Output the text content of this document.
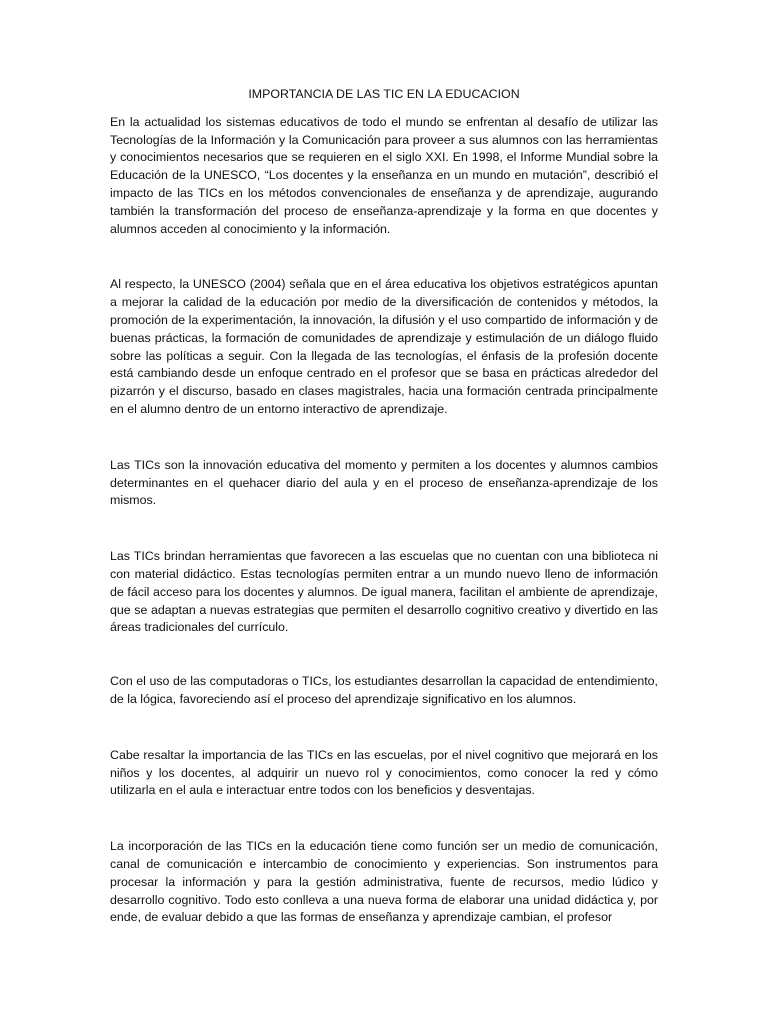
IMPORTANCIA DE LAS TIC EN LA EDUCACION

En la actualidad los sistemas educativos de todo el mundo se enfrentan al desafío de utilizar las Tecnologías de la Información y la Comunicación para proveer a sus alumnos con las herramientas y conocimientos necesarios que se requieren en el siglo XXI. En 1998, el Informe Mundial sobre la Educación de la UNESCO, “Los docentes y la enseñanza en un mundo en mutación”, describió el impacto de las TICs en los métodos convencionales de enseñanza y de aprendizaje, augurando también la transformación del proceso de enseñanza-aprendizaje y la forma en que docentes y alumnos acceden al conocimiento y la información.

Al respecto, la UNESCO (2004) señala que en el área educativa los objetivos estratégicos apuntan a mejorar la calidad de la educación por medio de la diversificación de contenidos y métodos, la promoción de la experimentación, la innovación, la difusión y el uso compartido de información y de buenas prácticas, la formación de comunidades de aprendizaje y estimulación de un diálogo fluido sobre las políticas a seguir. Con la llegada de las tecnologías, el énfasis de la profesión docente está cambiando desde un enfoque centrado en el profesor que se basa en prácticas alrededor del pizarrón y el discurso, basado en clases magistrales, hacia una formación centrada principalmente en el alumno dentro de un entorno interactivo de aprendizaje.

Las TICs son la innovación educativa del momento y permiten a los docentes y alumnos cambios determinantes en el quehacer diario del aula y en el proceso de enseñanza-aprendizaje de los mismos.

Las TICs brindan herramientas que favorecen a las escuelas que no cuentan con una biblioteca ni con material didáctico. Estas tecnologías permiten entrar a un mundo nuevo lleno de información de fácil acceso para los docentes y alumnos. De igual manera, facilitan el ambiente de aprendizaje, que se adaptan a nuevas estrategias que permiten el desarrollo cognitivo creativo y divertido en las áreas tradicionales del currículo.

Con el uso de las computadoras o TICs, los estudiantes desarrollan la capacidad de entendimiento, de la lógica, favoreciendo así el proceso del aprendizaje significativo en los alumnos.

Cabe resaltar la importancia de las TICs en las escuelas, por el nivel cognitivo que mejorará en los niños y los docentes, al adquirir un nuevo rol y conocimientos, como conocer la red y cómo utilizarla en el aula e interactuar entre todos con los beneficios y desventajas.

La incorporación de las TICs en la educación tiene como función ser un medio de comunicación, canal de comunicación e intercambio de conocimiento y experiencias. Son instrumentos para procesar la información y para la gestión administrativa, fuente de recursos, medio lúdico y desarrollo cognitivo. Todo esto conlleva a una nueva forma de elaborar una unidad didáctica y, por ende, de evaluar debido a que las formas de enseñanza y aprendizaje cambian, el profesor
